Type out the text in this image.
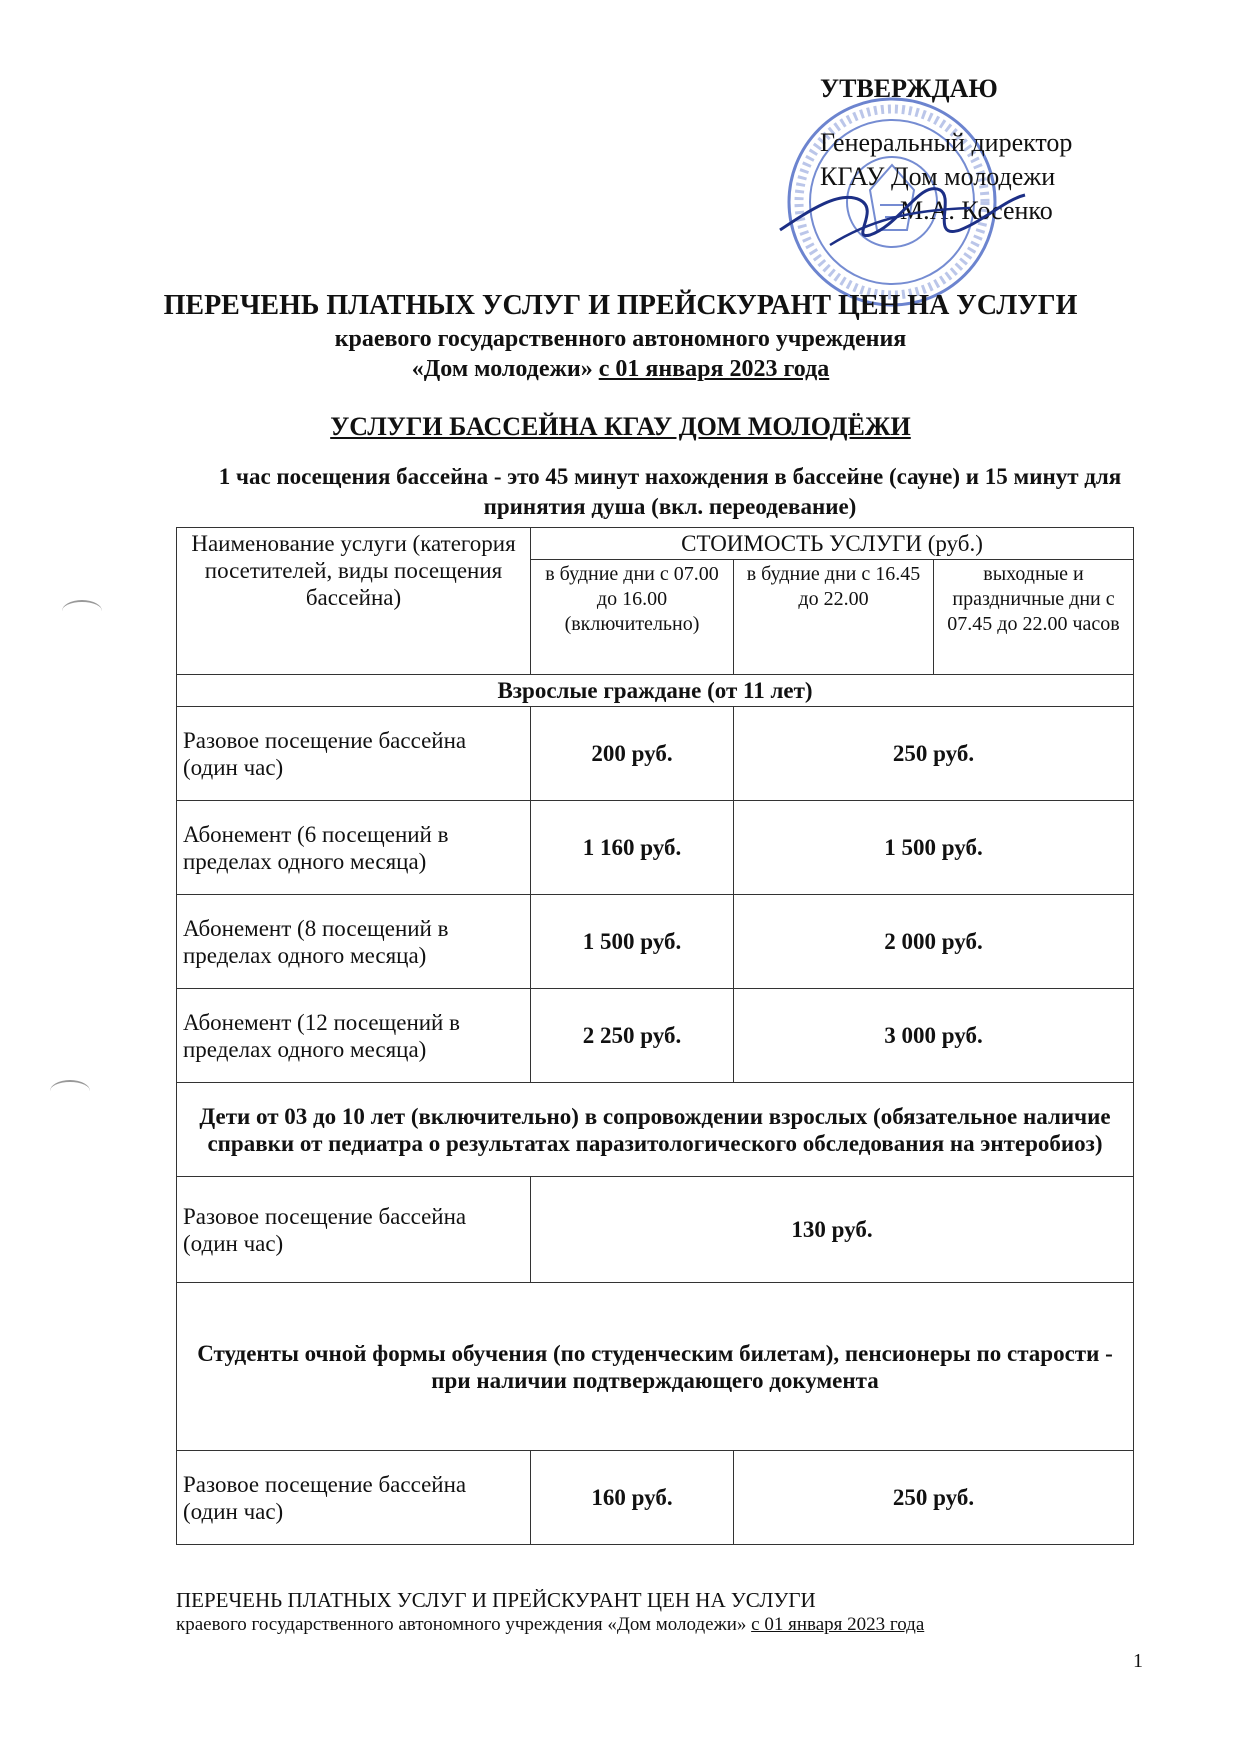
УТВЕРЖДАЮ
Генеральный директор
КГАУ Дом молодежи
М.А. Косенко
ПЕРЕЧЕНЬ ПЛАТНЫХ УСЛУГ И ПРЕЙСКУРАНТ ЦЕН НА УСЛУГИ
краевого государственного автономного учреждения
«Дом молодежи» с 01 января 2023 года
УСЛУГИ БАССЕЙНА КГАУ ДОМ МОЛОДЁЖИ
1 час посещения бассейна - это 45 минут нахождения в бассейне (сауне) и 15 минут для принятия душа (вкл. переодевание)
Наименование услуги (категория посетителей, виды посещения бассейна)	СТОИМОСТЬ УСЛУГИ (руб.)		
	в будние дни с 07.00 до 16.00 (включительно)	в будние дни с 16.45 до 22.00	выходные и праздничные дни с 07.45 до 22.00 часов
Взрослые граждане (от 11 лет)			
Разовое посещение бассейна (один час)	200 руб.	250 руб.	
Абонемент (6 посещений в пределах одного месяца)	1 160 руб.	1 500 руб.	
Абонемент (8 посещений в пределах одного месяца)	1 500 руб.	2 000 руб.	
Абонемент (12 посещений в пределах одного месяца)	2 250 руб.	3 000 руб.	
Дети от 03 до 10 лет (включительно) в сопровождении взрослых (обязательное наличие справки от педиатра о результатах паразитологического обследования на энтеробиоз)			
Разовое посещение бассейна (один час)	130 руб.		
Студенты очной формы обучения (по студенческим билетам), пенсионеры по старости - при наличии подтверждающего документа			
Разовое посещение бассейна (один час)	160 руб.	250 руб.	
ПЕРЕЧЕНЬ ПЛАТНЫХ УСЛУГ И ПРЕЙСКУРАНТ ЦЕН НА УСЛУГИ
краевого государственного автономного учреждения «Дом молодежи» с 01 января 2023 года
1
